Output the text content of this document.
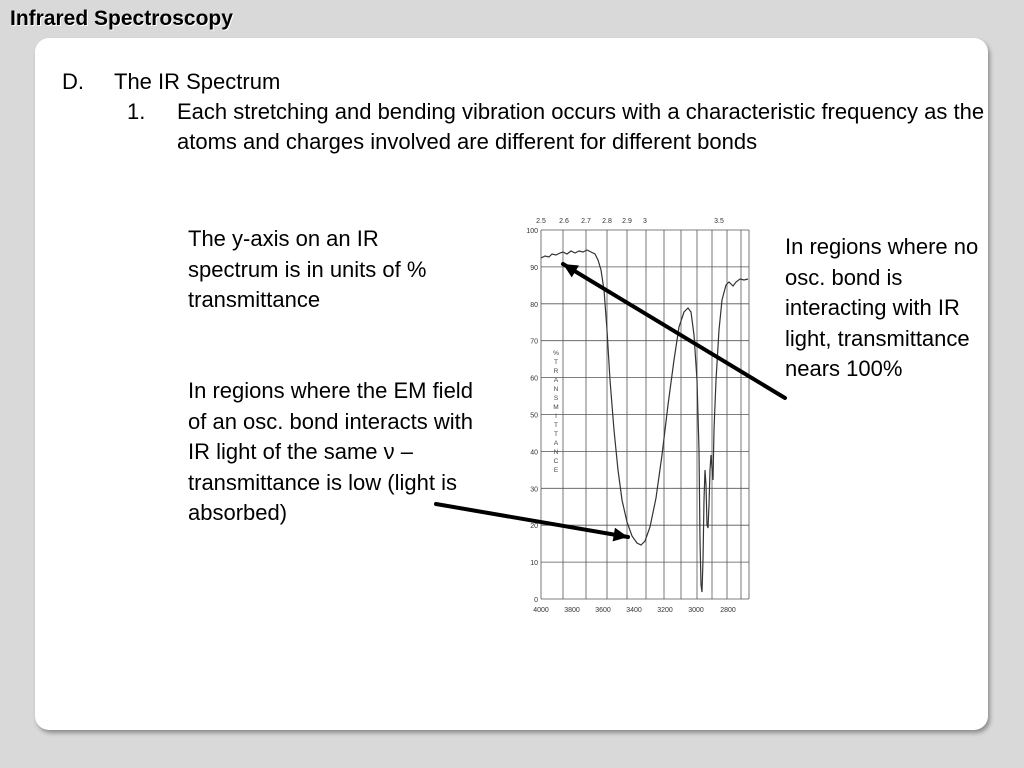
Infrared Spectroscopy
D. The IR Spectrum
1. Each stretching and bending vibration occurs with a characteristic frequency as the atoms and charges involved are different for different bonds
The y-axis on an IR spectrum is in units of % transmittance
In regions where the EM field of an osc. bond interacts with IR light of the same ν – transmittance is low (light is absorbed)
In regions where no osc. bond is interacting with IR light, transmittance nears 100%
100
90
80
70
60
50
40
30
20
10
0
4000 3800 3600 3400 3200 3000 2800
2.5 2.6 2.7 2.8 2.9 3	3.5
% T R A N S M I T T A N C E
